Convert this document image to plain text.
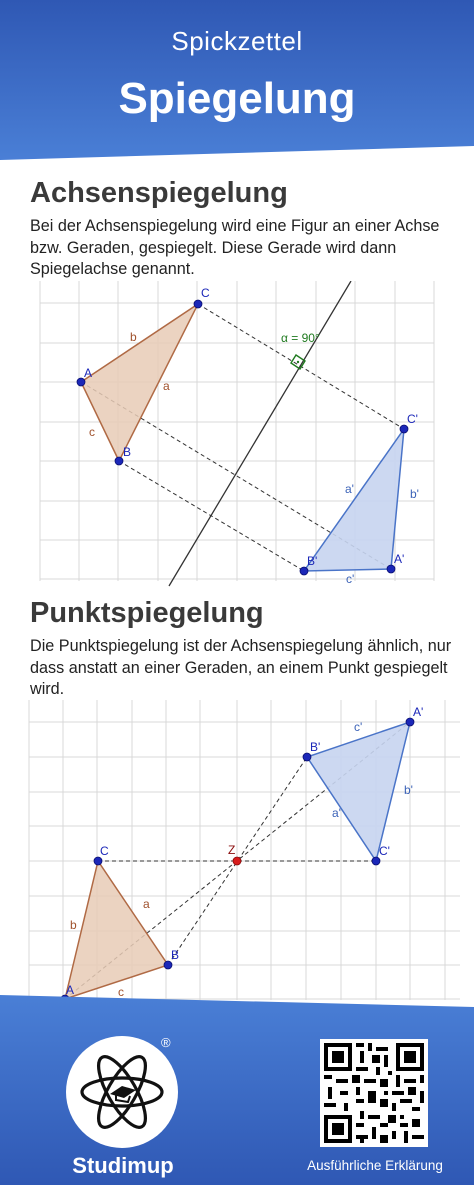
Spickzettel
Spiegelung
Achsenspiegelung

Bei der Achsenspiegelung wird eine Figur an einer Achse bzw. Geraden, gespiegelt. Diese Gerade wird dann Spiegelachse genannt.

α = 90°
A
C
B
A'
C'
B'
b
a
c
a'	b'
c'
Punktspiegelung

Die Punktspiegelung ist der Achsenspiegelung ähnlich, nur dass anstatt an einer Geraden, an einem Punkt gespiegelt wird.

Z
A
C
B
A'
C'
B'
b
a
c
c'
a'
b'
®
Studimup	Ausführliche Erklärung
